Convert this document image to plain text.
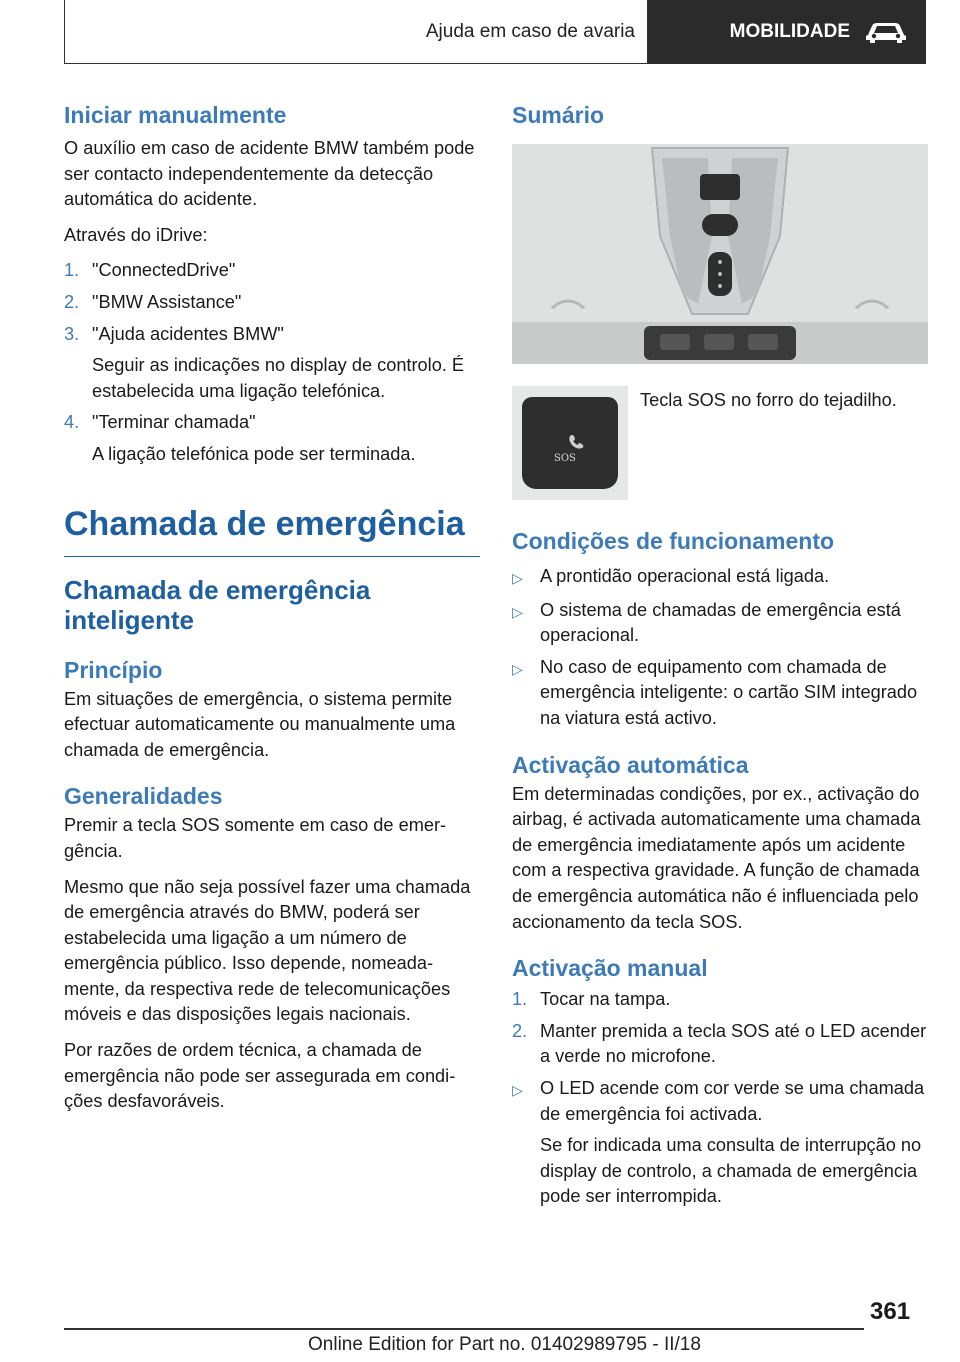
Ajuda em caso de avaria	MOBILIDADE
Iniciar manualmente

O auxílio em caso de acidente BMW também pode ser contacto independentemente da detecção automática do acidente.

Através do iDrive:

1. "ConnectedDrive"
2. "BMW Assistance"
3. "Ajuda acidentes BMW"
Seguir as indicações no display de controlo. É estabelecida uma ligação telefónica.
4. "Terminar chamada"
A ligação telefónica pode ser terminada.
Chamada de emergência
Chamada de emergência inteligente
Princípio

Em situações de emergência, o sistema permite efectuar automaticamente ou manualmente uma chamada de emergência.

Generalidades

Premir a tecla SOS somente em caso de emergência.

Mesmo que não seja possível fazer uma chamada de emergência através do BMW, poderá ser estabelecida uma ligação a um número de emergência público. Isso depende, nomeadamente, da respectiva rede de telecomunicações móveis e das disposições legais nacionais.

Por razões de ordem técnica, a chamada de emergência não pode ser assegurada em condições desfavoráveis.

Sumário
SOS

Tecla SOS no forro do tejadilho.

Condições de funcionamento
▷ A prontidão operacional está ligada.
▷ O sistema de chamadas de emergência está operacional.
▷ No caso de equipamento com chamada de emergência inteligente: o cartão SIM integrado na viatura está activo.
Activação automática

Em determinadas condições, por ex., activação do airbag, é activada automaticamente uma chamada de emergência imediatamente após um acidente com a respectiva gravidade. A função de chamada de emergência automática não é influenciada pelo accionamento da tecla SOS.

Activação manual
1. Tocar na tampa.
2. Manter premida a tecla SOS até o LED acender a verde no microfone.
▷ O LED acende com cor verde se uma chamada de emergência foi activada.
Se for indicada uma consulta de interrupção no display de controlo, a chamada de emergência pode ser interrompida.
361
Online Edition for Part no. 01402989795 - II/18
